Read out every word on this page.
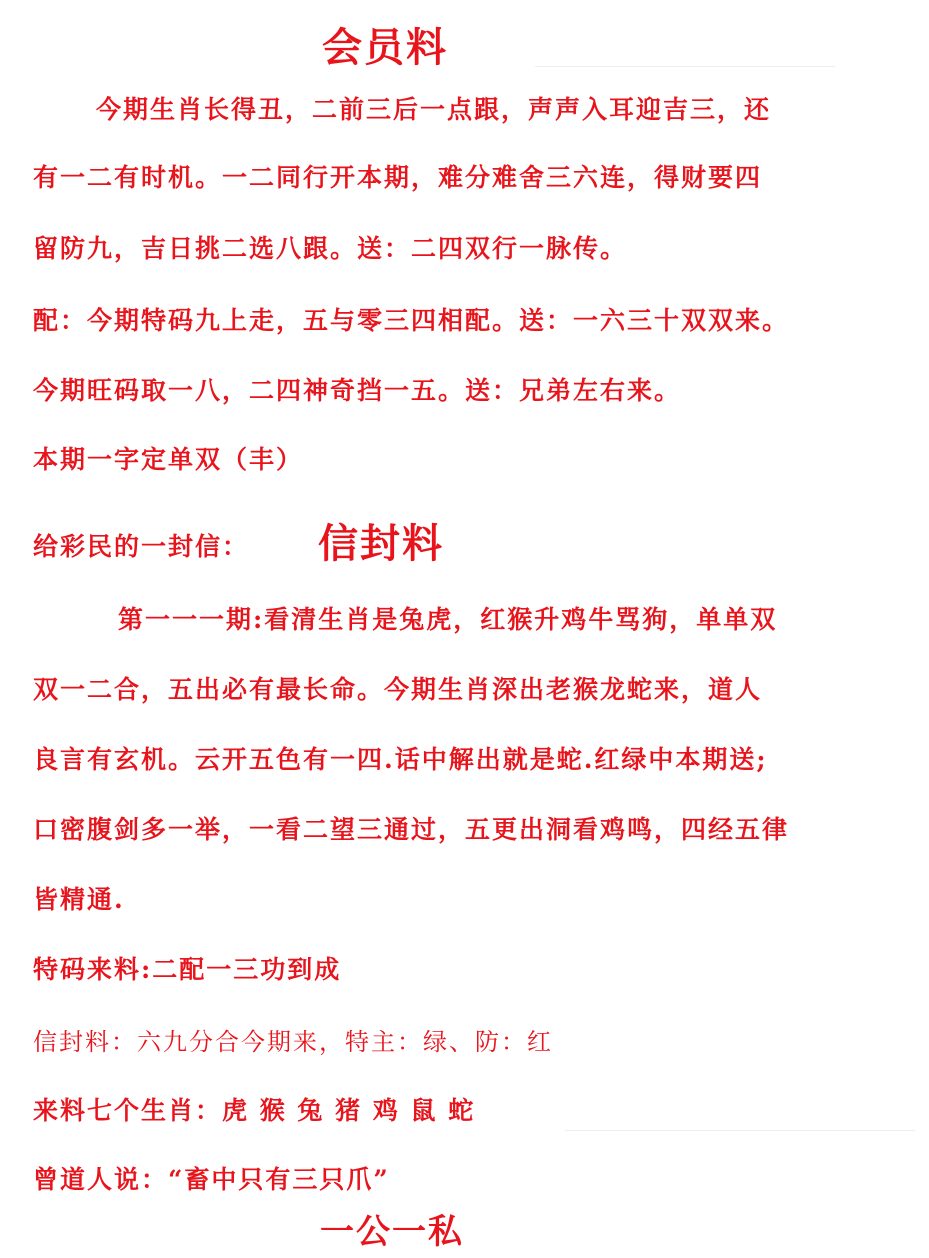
会员料
今期生肖长得丑，二前三后一点跟，声声入耳迎吉三，还
有一二有时机。一二同行开本期，难分难舍三六连，得财要四
留防九，吉日挑二选八跟。送：二四双行一脉传。
配：今期特码九上走，五与零三四相配。送：一六三十双双来。
今期旺码取一八，二四神奇挡一五。送：兄弟左右来。
本期一字定单双（丰）
给彩民的一封信： 信封料
第一一一期:看清生肖是兔虎，红猴升鸡牛骂狗，单单双
双一二合，五出必有最长命。今期生肖深出老猴龙蛇来，道人
良言有玄机。云开五色有一四.话中解出就是蛇.红绿中本期送;
口密腹剑多一举，一看二望三通过，五更出洞看鸡鸣，四经五律
皆精通.
特码来料:二配一三功到成
信封料：六九分合今期来，特主：绿、防：红
来料七个生肖：虎 猴 兔 猪 鸡 鼠 蛇
曾道人说：“畜中只有三只爪”
一公一私
